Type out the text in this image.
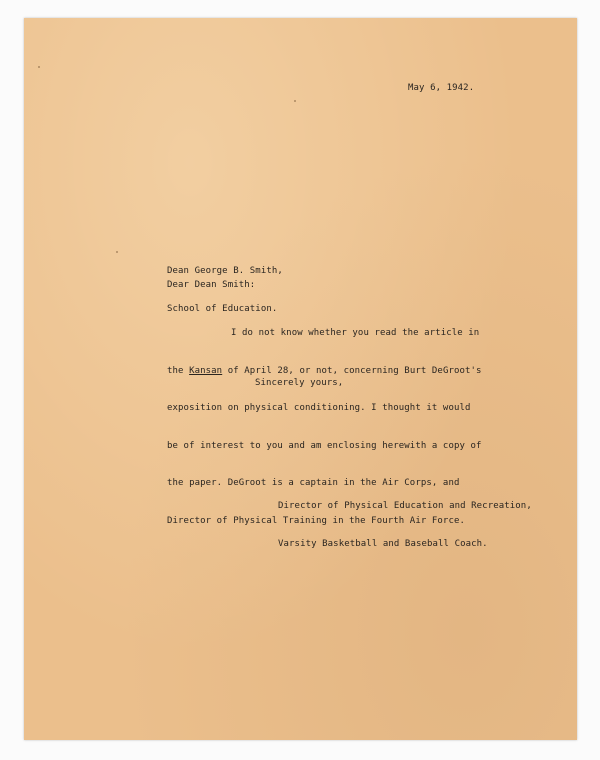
May 6, 1942.

Dean George B. Smith,

School of Education.

Dear Dean Smith:

I do not know whether you read the article in

the Kansan of April 28, or not, concerning Burt DeGroot's

exposition on physical conditioning. I thought it would

be of interest to you and am enclosing herewith a copy of

the paper. DeGroot is a captain in the Air Corps, and

Director of Physical Training in the Fourth Air Force.

Sincerely yours,

Director of Physical Education and Recreation,

Varsity Basketball and Baseball Coach.
